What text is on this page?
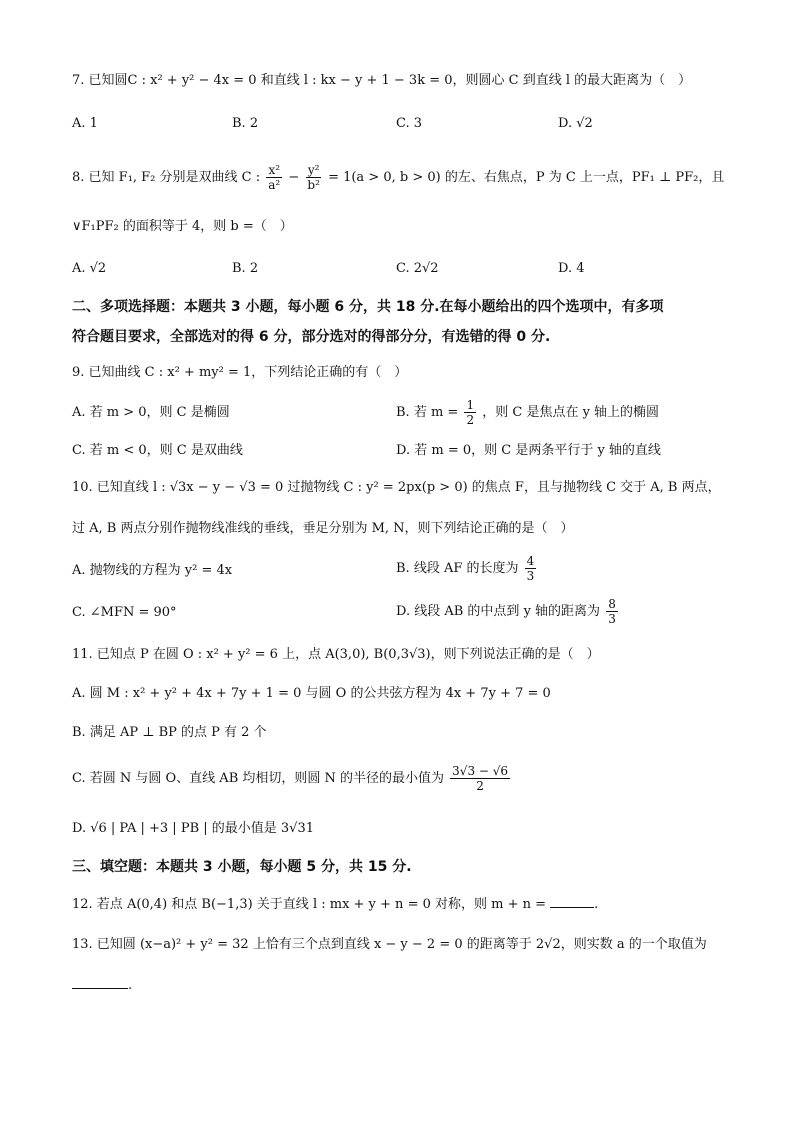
7. 已知圆C : x² + y² − 4x = 0 和直线 l : kx − y + 1 − 3k = 0，则圆心 C 到直线 l 的最大距离为（　）
A. 1	B. 2	C. 3	D. √2
8. 已知 F₁, F₂ 分别是双曲线 C : $\frac{\text{x²}}{\text{a²}} - \frac{\text{y²}}{\text{b²}} = 1(a > 0$, b > 0) 的左、右焦点，P 为 C 上一点，PF₁ ⊥ PF₂，且
∨F₁PF₂ 的面积等于 4，则 b =（　）
A. √2	B. 2	C. 2√2	D. 4
二、多项选择题：本题共 3 小题，每小题 6 分，共 18 分.在每小题给出的四个选项中，有多项
符合题目要求，全部选对的得 6 分，部分选对的得部分分，有选错的得 0 分.
9. 已知曲线 C : x² + my² = 1，下列结论正确的有（　）
A. 若 m > 0，则 C 是椭圆	B. 若 $m = \frac{1}{2}$ ，则 C 是焦点在 y 轴上的椭圆
C. 若 m < 0，则 C 是双曲线	D. 若 m = 0，则 C 是两条平行于 y 轴的直线
10. 已知直线 l : √3x − y − √3 = 0 过抛物线 C : y² = 2px(p > 0) 的焦点 F，且与抛物线 C 交于 A, B 两点，
过 A, B 两点分别作抛物线准线的垂线，垂足分别为 M, N，则下列结论正确的是（　）
A. 抛物线的方程为 y² = 4x	B. 线段 AF 的长度为 $\frac{4}{3}$
C. ∠MFN = 90°	D. 线段 AB 的中点到 y 轴的距离为 $\frac{8}{3}$
11. 已知点 P 在圆 O : x² + y² = 6 上，点 A(3,0), B(0,3√3)，则下列说法正确的是（　）
A. 圆 M : x² + y² + 4x + 7y + 1 = 0 与圆 O 的公共弦方程为 4x + 7y + 7 = 0
B. 满足 AP ⊥ BP 的点 P 有 2 个
C. 若圆 N 与圆 O、直线 AB 均相切，则圆 N 的半径的最小值为 $\frac{3√3 - √6}{2}$
D. √6 | PA | +3 | PB | 的最小值是 3√31
三、填空题：本题共 3 小题，每小题 5 分，共 15 分.
12. 若点 A(0,4) 和点 B(−1,3) 关于直线 l : mx + y + n = 0 对称，则 m + n =	.
13. 已知圆 (x−a)² + y² = 32 上恰有三个点到直线 x − y − 2 = 0 的距离等于 2√2，则实数 a 的一个取值为
.
